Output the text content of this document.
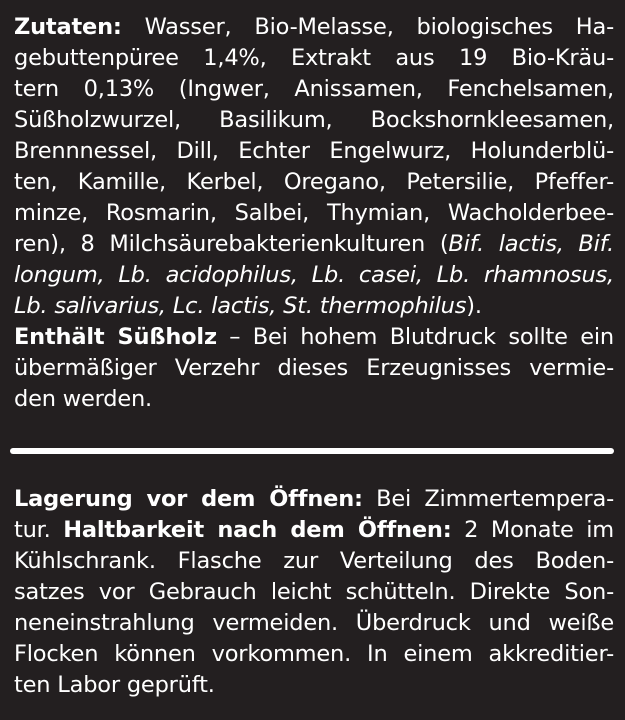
Zutaten: Wasser, Bio-Melasse, biologisches Ha-
gebuttenpüree 1,4%, Extrakt aus 19 Bio-Kräu-
tern 0,13% (Ingwer, Anissamen, Fenchelsamen,
Süßholzwurzel, Basilikum, Bockshornkleesamen,
Brennnessel, Dill, Echter Engelwurz, Holunderblü-
ten, Kamille, Kerbel, Oregano, Petersilie, Pfeffer-
minze, Rosmarin, Salbei, Thymian, Wacholderbee-
ren), 8 Milchsäurebakterienkulturen (Bif. lactis, Bif.
longum, Lb. acidophilus, Lb. casei, Lb. rhamnosus,
Lb. salivarius, Lc. lactis, St. thermophilus).
Enthält Süßholz – Bei hohem Blutdruck sollte ein
übermäßiger Verzehr dieses Erzeugnisses vermie-
den werden.
Lagerung vor dem Öffnen: Bei Zimmertempera-
tur. Haltbarkeit nach dem Öffnen: 2 Monate im
Kühlschrank. Flasche zur Verteilung des Boden-
satzes vor Gebrauch leicht schütteln. Direkte Son-
neneinstrahlung vermeiden. Überdruck und weiße
Flocken können vorkommen. In einem akkreditier-
ten Labor geprüft.
